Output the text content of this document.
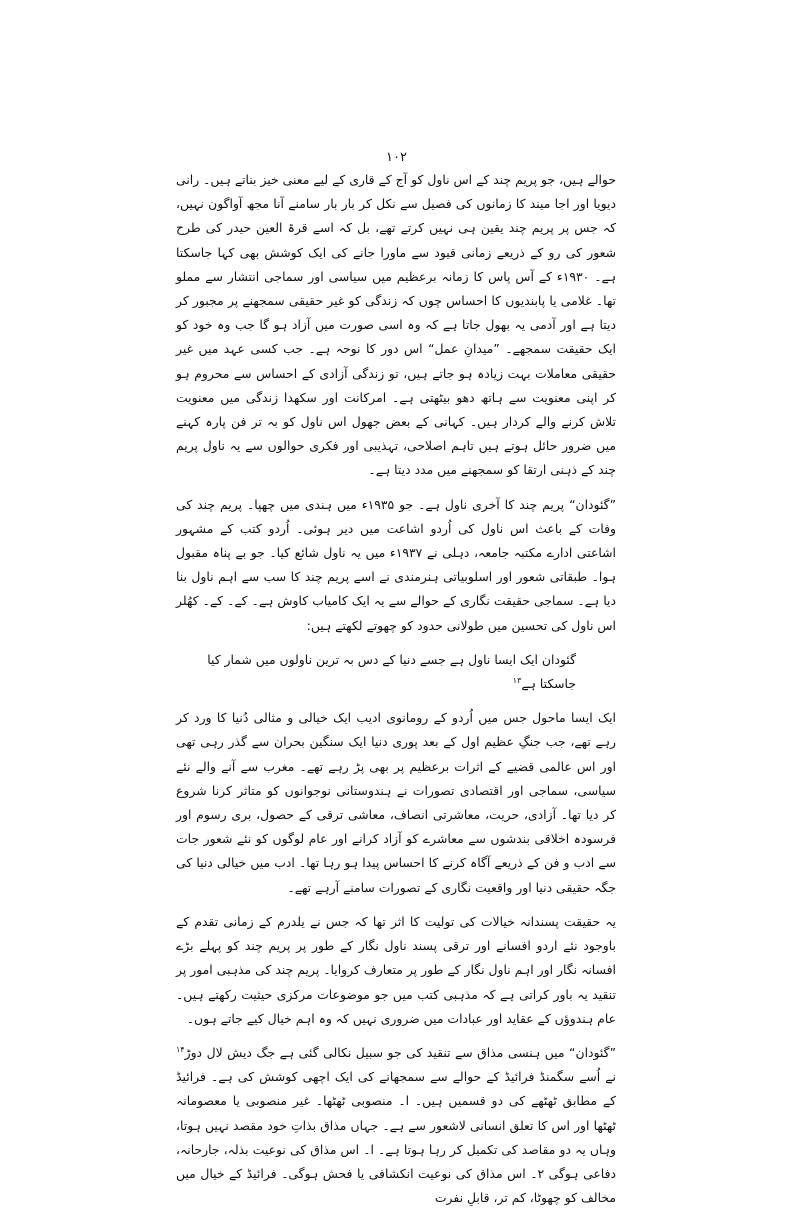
١٠٢

حوالے ہیں، جو پریم چند کے اس ناول کو آج کے قاری کے لیے معنی خیز بناتے ہیں۔ رانی دیویا اور اجا میند کا زمانوں کی فصیل سے نکل کر بار بار سامنے آنا مجھ آواگون نہیں، کہ جس پر پریم چند یقین ہی نہیں کرتے تھے، بل کہ اسے قرۃ العین حیدر کی طرح شعور کی رو کے ذریعے زمانی قیود سے ماورا جانے کی ایک کوشش بھی کہا جاسکتا ہے۔ ۱۹۳۰ء کے آس پاس کا زمانہ برعظیم میں سیاسی اور سماجی انتشار سے مملو تھا۔ غلامی یا پابندیوں کا احساس چوں کہ زندگی کو غیر حقیقی سمجھنے پر مجبور کر دیتا ہے اور آدمی یہ بھول جاتا ہے کہ وہ اسی صورت میں آزاد ہو گا جب وہ خود کو ایک حقیقت سمجھے۔ ”میدانِ عمل“ اس دور کا نوحہ ہے۔ جب کسی عہد میں غیر حقیقی معاملات بہت زیادہ ہو جاتے ہیں، تو زندگی آزادی کے احساس سے محروم ہو کر اپنی معنویت سے ہاتھ دھو بیٹھتی ہے۔ امرکانت اور سکھدا زندگی میں معنویت تلاش کرنے والے کردار ہیں۔ کہانی کے بعض جھول اس ناول کو بہ تر فن پارہ کہنے میں ضرور حائل ہوتے ہیں تاہم اصلاحی، تہذیبی اور فکری حوالوں سے یہ ناول پریم چند کے ذہنی ارتقا کو سمجھنے میں مدد دیتا ہے۔

”گئودان“ پریم چند کا آخری ناول ہے۔ جو ۱۹۳۵ء میں ہندی میں چھپا۔ پریم چند کی وفات کے باعث اس ناول کی اُردو اشاعت میں دیر ہوئی۔ اُردو کتب کے مشہور اشاعتی ادارے مکتبہ جامعہ، دہلی نے ۱۹۳۷ء میں یہ ناول شائع کیا۔ جو بے پناہ مقبول ہوا۔ طبقاتی شعور اور اسلوبیاتی ہنرمندی نے اسے پریم چند کا سب سے اہم ناول بنا دیا ہے۔ سماجی حقیقت نگاری کے حوالے سے یہ ایک کامیاب کاوش ہے۔ کے۔ کے۔ کھُلر اس ناول کی تحسین میں طولانی حدود کو چھوتے لکھتے ہیں:

گئودان ایک ایسا ناول ہے جسے دنیا کے دس بہ ترین ناولوں میں شمار کیا جاسکتا ہے$^{۱۳}$

ایک ایسا ماحول جس میں اُردو کے رومانوی ادیب ایک خیالی و مثالی دُنیا کا ورد کر رہے تھے، جب جنگِ عظیم اول کے بعد پوری دنیا ایک سنگین بحران سے گذر رہی تھی اور اس عالمی قضیے کے اثرات برعظیم پر بھی پڑ رہے تھے۔ مغرب سے آنے والے نئے سیاسی، سماجی اور اقتصادی تصورات نے ہندوستانی نوجوانوں کو متاثر کرنا شروع کر دیا تھا۔ آزادی، حریت، معاشرتی انصاف، معاشی ترقی کے حصول، بری رسوم اور فرسودہ اخلاقی بندشوں سے معاشرے کو آزاد کرانے اور عام لوگوں کو نئے شعور جات سے ادب و فن کے ذریعے آگاہ کرنے کا احساس پیدا ہو رہا تھا۔ ادب میں خیالی دنیا کی جگہ حقیقی دنیا اور واقعیت نگاری کے تصورات سامنے آرہے تھے۔

یہ حقیقت پسندانہ خیالات کی تولیت کا اثر تھا کہ جس نے یلدرم کے زمانی تقدم کے باوجود نئے اردو افسانے اور ترقی پسند ناول نگار کے طور پر پریم چند کو پہلے بڑے افسانہ نگار اور اہم ناول نگار کے طور پر متعارف کروایا۔ پریم چند کی مذہبی امور پر تنقید یہ باور کراتی ہے کہ مذہبی کتب میں جو موضوعات مرکزی حیثیت رکھتے ہیں۔ عام ہندوؤں کے عقاید اور عبادات میں ضروری نہیں کہ وہ اہم خیال کیے جاتے ہوں۔

”گئودان“ میں ہنسی مذاق سے تنقید کی جو سبیل نکالی گئی ہے جگ دیش لال دوڑ$^{۱۴}$ نے اُسے سگمنڈ فرائیڈ کے حوالے سے سمجھانے کی ایک اچھی کوشش کی ہے۔ فرائیڈ کے مطابق ٹھٹھے کی دو قسمیں ہیں۔ ا۔ منصوبی ٹھٹھا۔ غیر منصوبی یا معصومانہ ٹھٹھا اور اس کا تعلق انسانی لاشعور سے ہے۔ جہاں مذاق بذاتِ خود مقصد نہیں ہوتا، وہاں یہ دو مقاصد کی تکمیل کر رہا ہوتا ہے۔ ا۔ اس مذاق کی نوعیت بذلہ، جارحانہ، دفاعی ہوگی ۲۔ اس مذاق کی نوعیت انکشافی یا فحش ہوگی۔ فرائیڈ کے خیال میں مخالف کو چھوٹا، کم تر، قابلِ نفرت
